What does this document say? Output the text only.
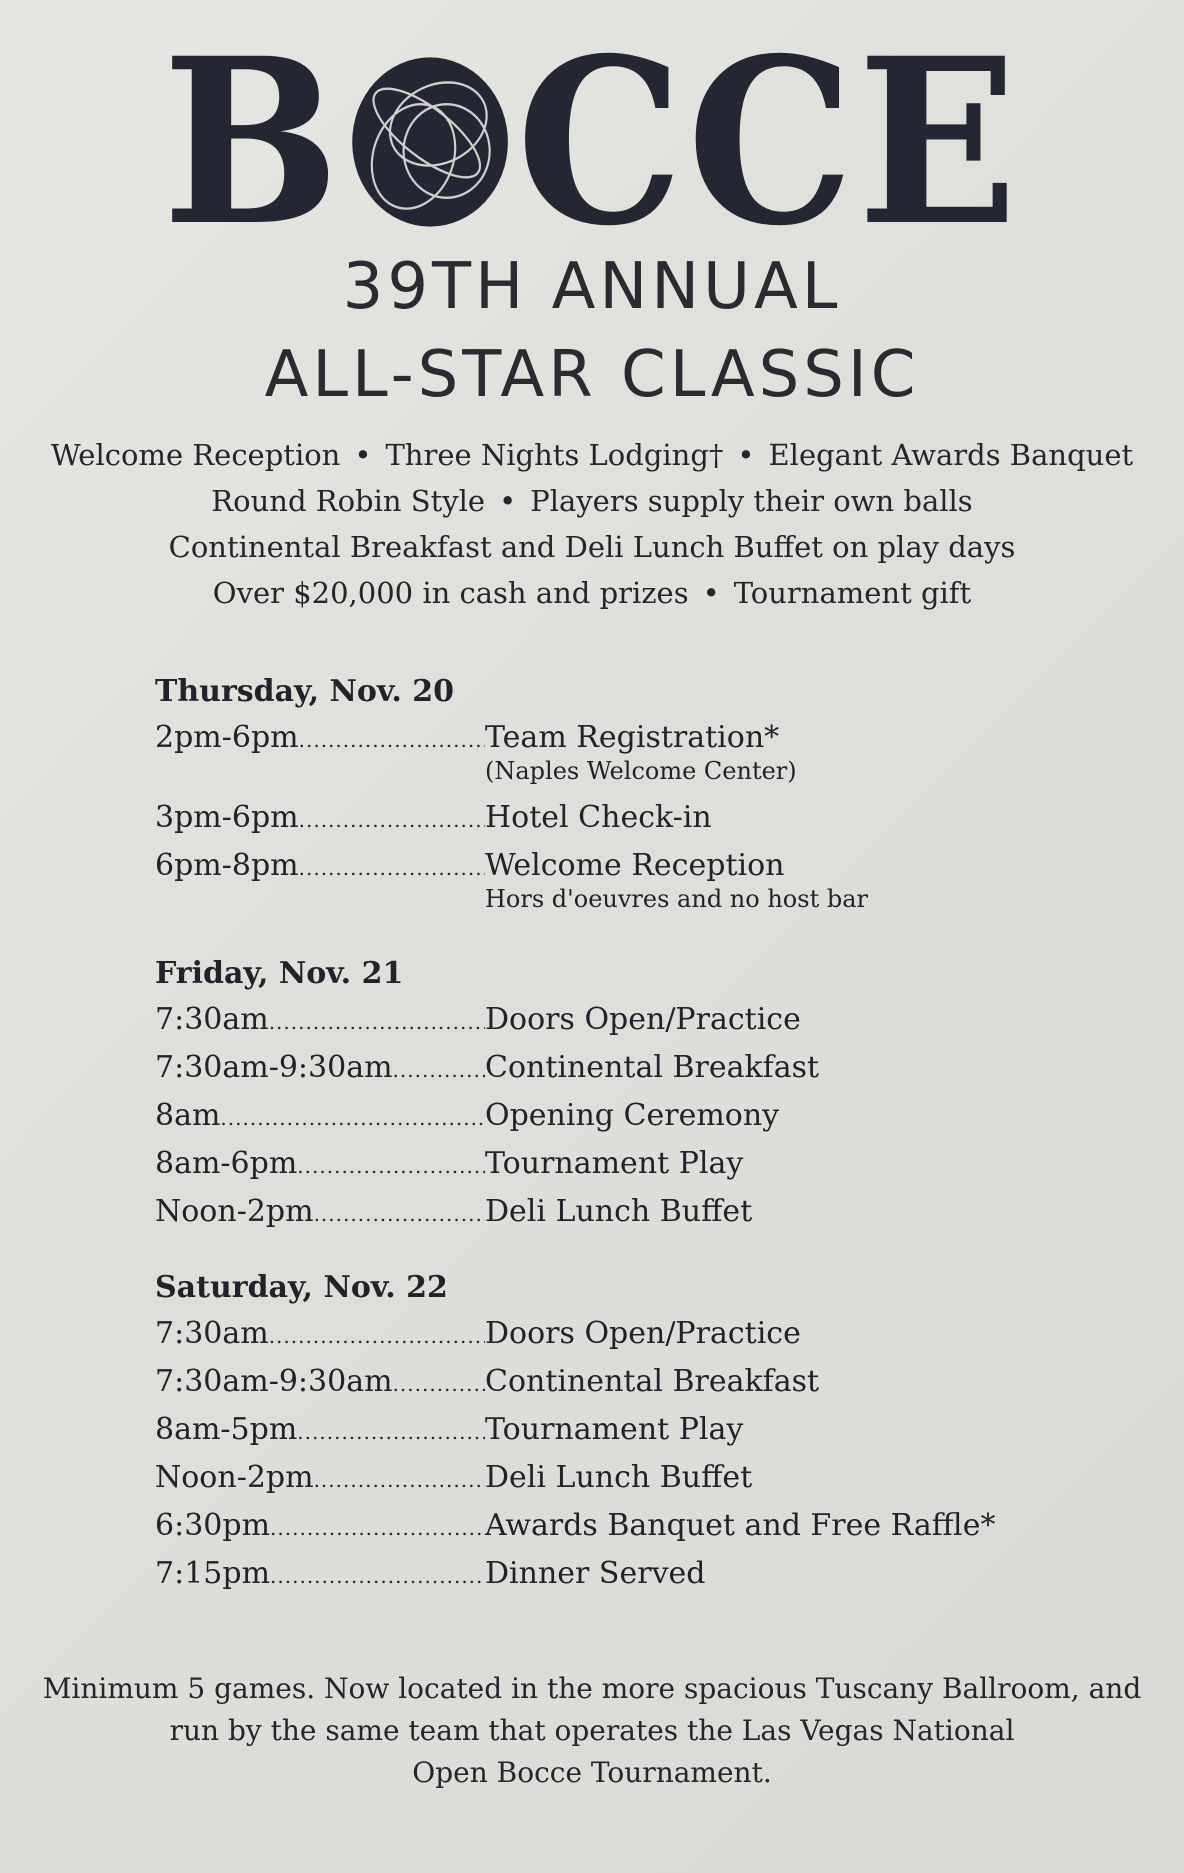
B C C E
39TH ANNUAL
ALL-STAR CLASSIC
Welcome Reception • Three Nights Lodging† • Elegant Awards Banquet
Round Robin Style • Players supply their own balls
Continental Breakfast and Deli Lunch Buffet on play days
Over $20,000 in cash and prizes • Tournament gift
Thursday, Nov. 20
2pm-6pm .....	Team Registration*
(Naples Welcome Center)
3pm-6pm .....	Hotel Check-in
6pm-8pm .....	Welcome Reception
Hors d'oeuvres and no host bar
Friday, Nov. 21
7:30am .....	Doors Open/Practice
7:30am-9:30am .....	Continental Breakfast
8am .....	Opening Ceremony
8am-6pm .....	Tournament Play
Noon-2pm .....	Deli Lunch Buffet
Saturday, Nov. 22
7:30am .....	Doors Open/Practice
7:30am-9:30am .....	Continental Breakfast
8am-5pm .....	Tournament Play
Noon-2pm .....	Deli Lunch Buffet
6:30pm .....	Awards Banquet and Free Raffle*
7:15pm .....	Dinner Served
Minimum 5 games. Now located in the more spacious Tuscany Ballroom, and
run by the same team that operates the Las Vegas National
Open Bocce Tournament.
